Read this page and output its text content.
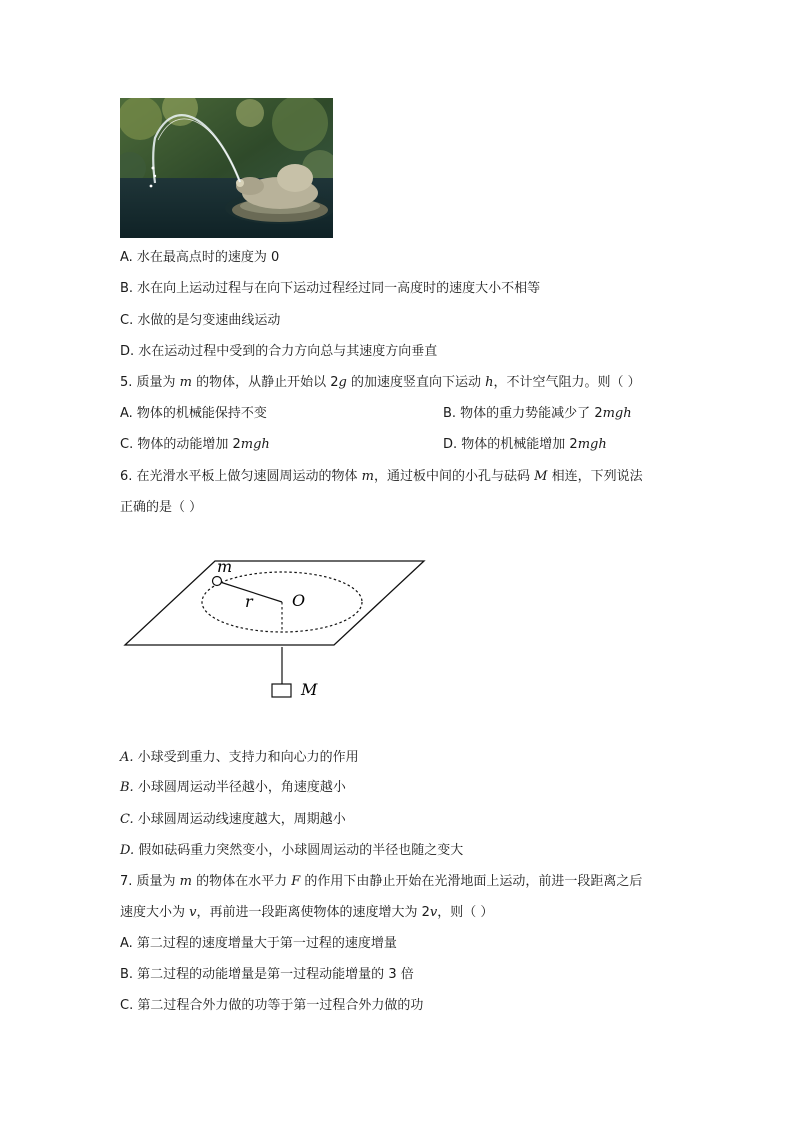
A. 水在最高点时的速度为 0
B. 水在向上运动过程与在向下运动过程经过同一高度时的速度大小不相等
C. 水做的是匀变速曲线运动
D. 水在运动过程中受到的合力方向总与其速度方向垂直
5. 质量为 m 的物体，从静止开始以 2g 的加速度竖直向下运动 h，不计空气阻力。则（ ）
A. 物体的机械能保持不变	B. 物体的重力势能减少了 2mgh
C. 物体的动能增加 2mgh	D. 物体的机械能增加 2mgh
6. 在光滑水平板上做匀速圆周运动的物体 m，通过板中间的小孔与砝码 M 相连，下列说法
正确的是（ ）
m
r O
M
A. 小球受到重力、支持力和向心力的作用
B. 小球圆周运动半径越小，角速度越小
C. 小球圆周运动线速度越大，周期越小
D. 假如砝码重力突然变小，小球圆周运动的半径也随之变大
7. 质量为 m 的物体在水平力 F 的作用下由静止开始在光滑地面上运动，前进一段距离之后
速度大小为 v，再前进一段距离使物体的速度增大为 2v，则（ ）
A. 第二过程的速度增量大于第一过程的速度增量
B. 第二过程的动能增量是第一过程动能增量的 3 倍
C. 第二过程合外力做的功等于第一过程合外力做的功
